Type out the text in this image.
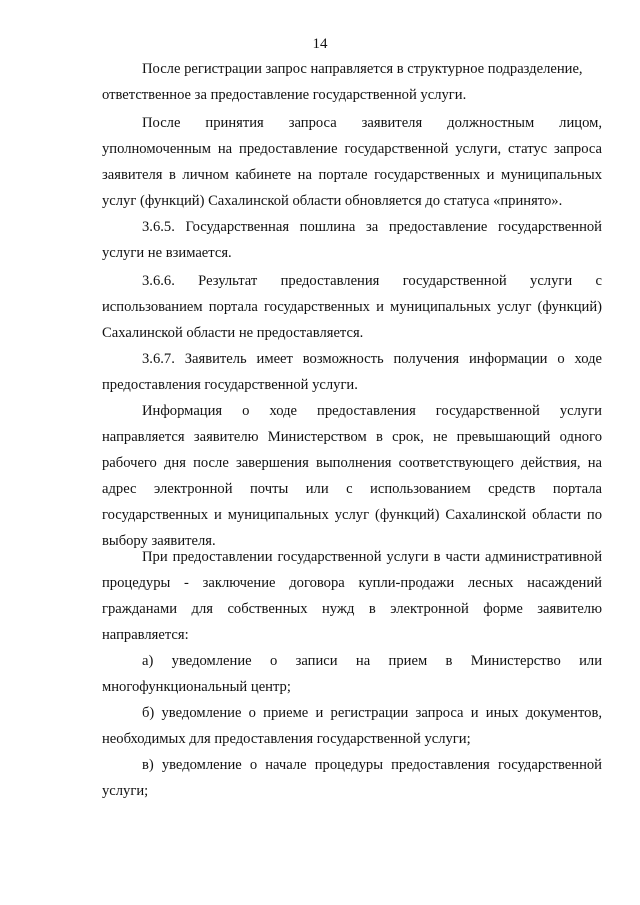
14
После регистрации запрос направляется в структурное подразделение,
ответственное за предоставление государственной услуги.
После принятия запроса заявителя должностным лицом,
уполномоченным на предоставление государственной услуги, статус запроса
заявителя в личном кабинете на портале государственных и муниципальных
услуг (функций) Сахалинской области обновляется до статуса «принято».
3.6.5. Государственная пошлина за предоставление государственной
услуги не взимается.
3.6.6. Результат предоставления государственной услуги с
использованием портала государственных и муниципальных услуг (функций)
Сахалинской области не предоставляется.
3.6.7. Заявитель имеет возможность получения информации о ходе
предоставления государственной услуги.
Информация о ходе предоставления государственной услуги
направляется заявителю Министерством в срок, не превышающий одного
рабочего дня после завершения выполнения соответствующего действия, на
адрес электронной почты или с использованием средств портала
государственных и муниципальных услуг (функций) Сахалинской области по
выбору заявителя.
При предоставлении государственной услуги в части административной
процедуры - заключение договора купли-продажи лесных насаждений
гражданами для собственных нужд в электронной форме заявителю
направляется:
а) уведомление о записи на прием в Министерство или
многофункциональный центр;
б) уведомление о приеме и регистрации запроса и иных документов,
необходимых для предоставления государственной услуги;
в) уведомление о начале процедуры предоставления государственной
услуги;
